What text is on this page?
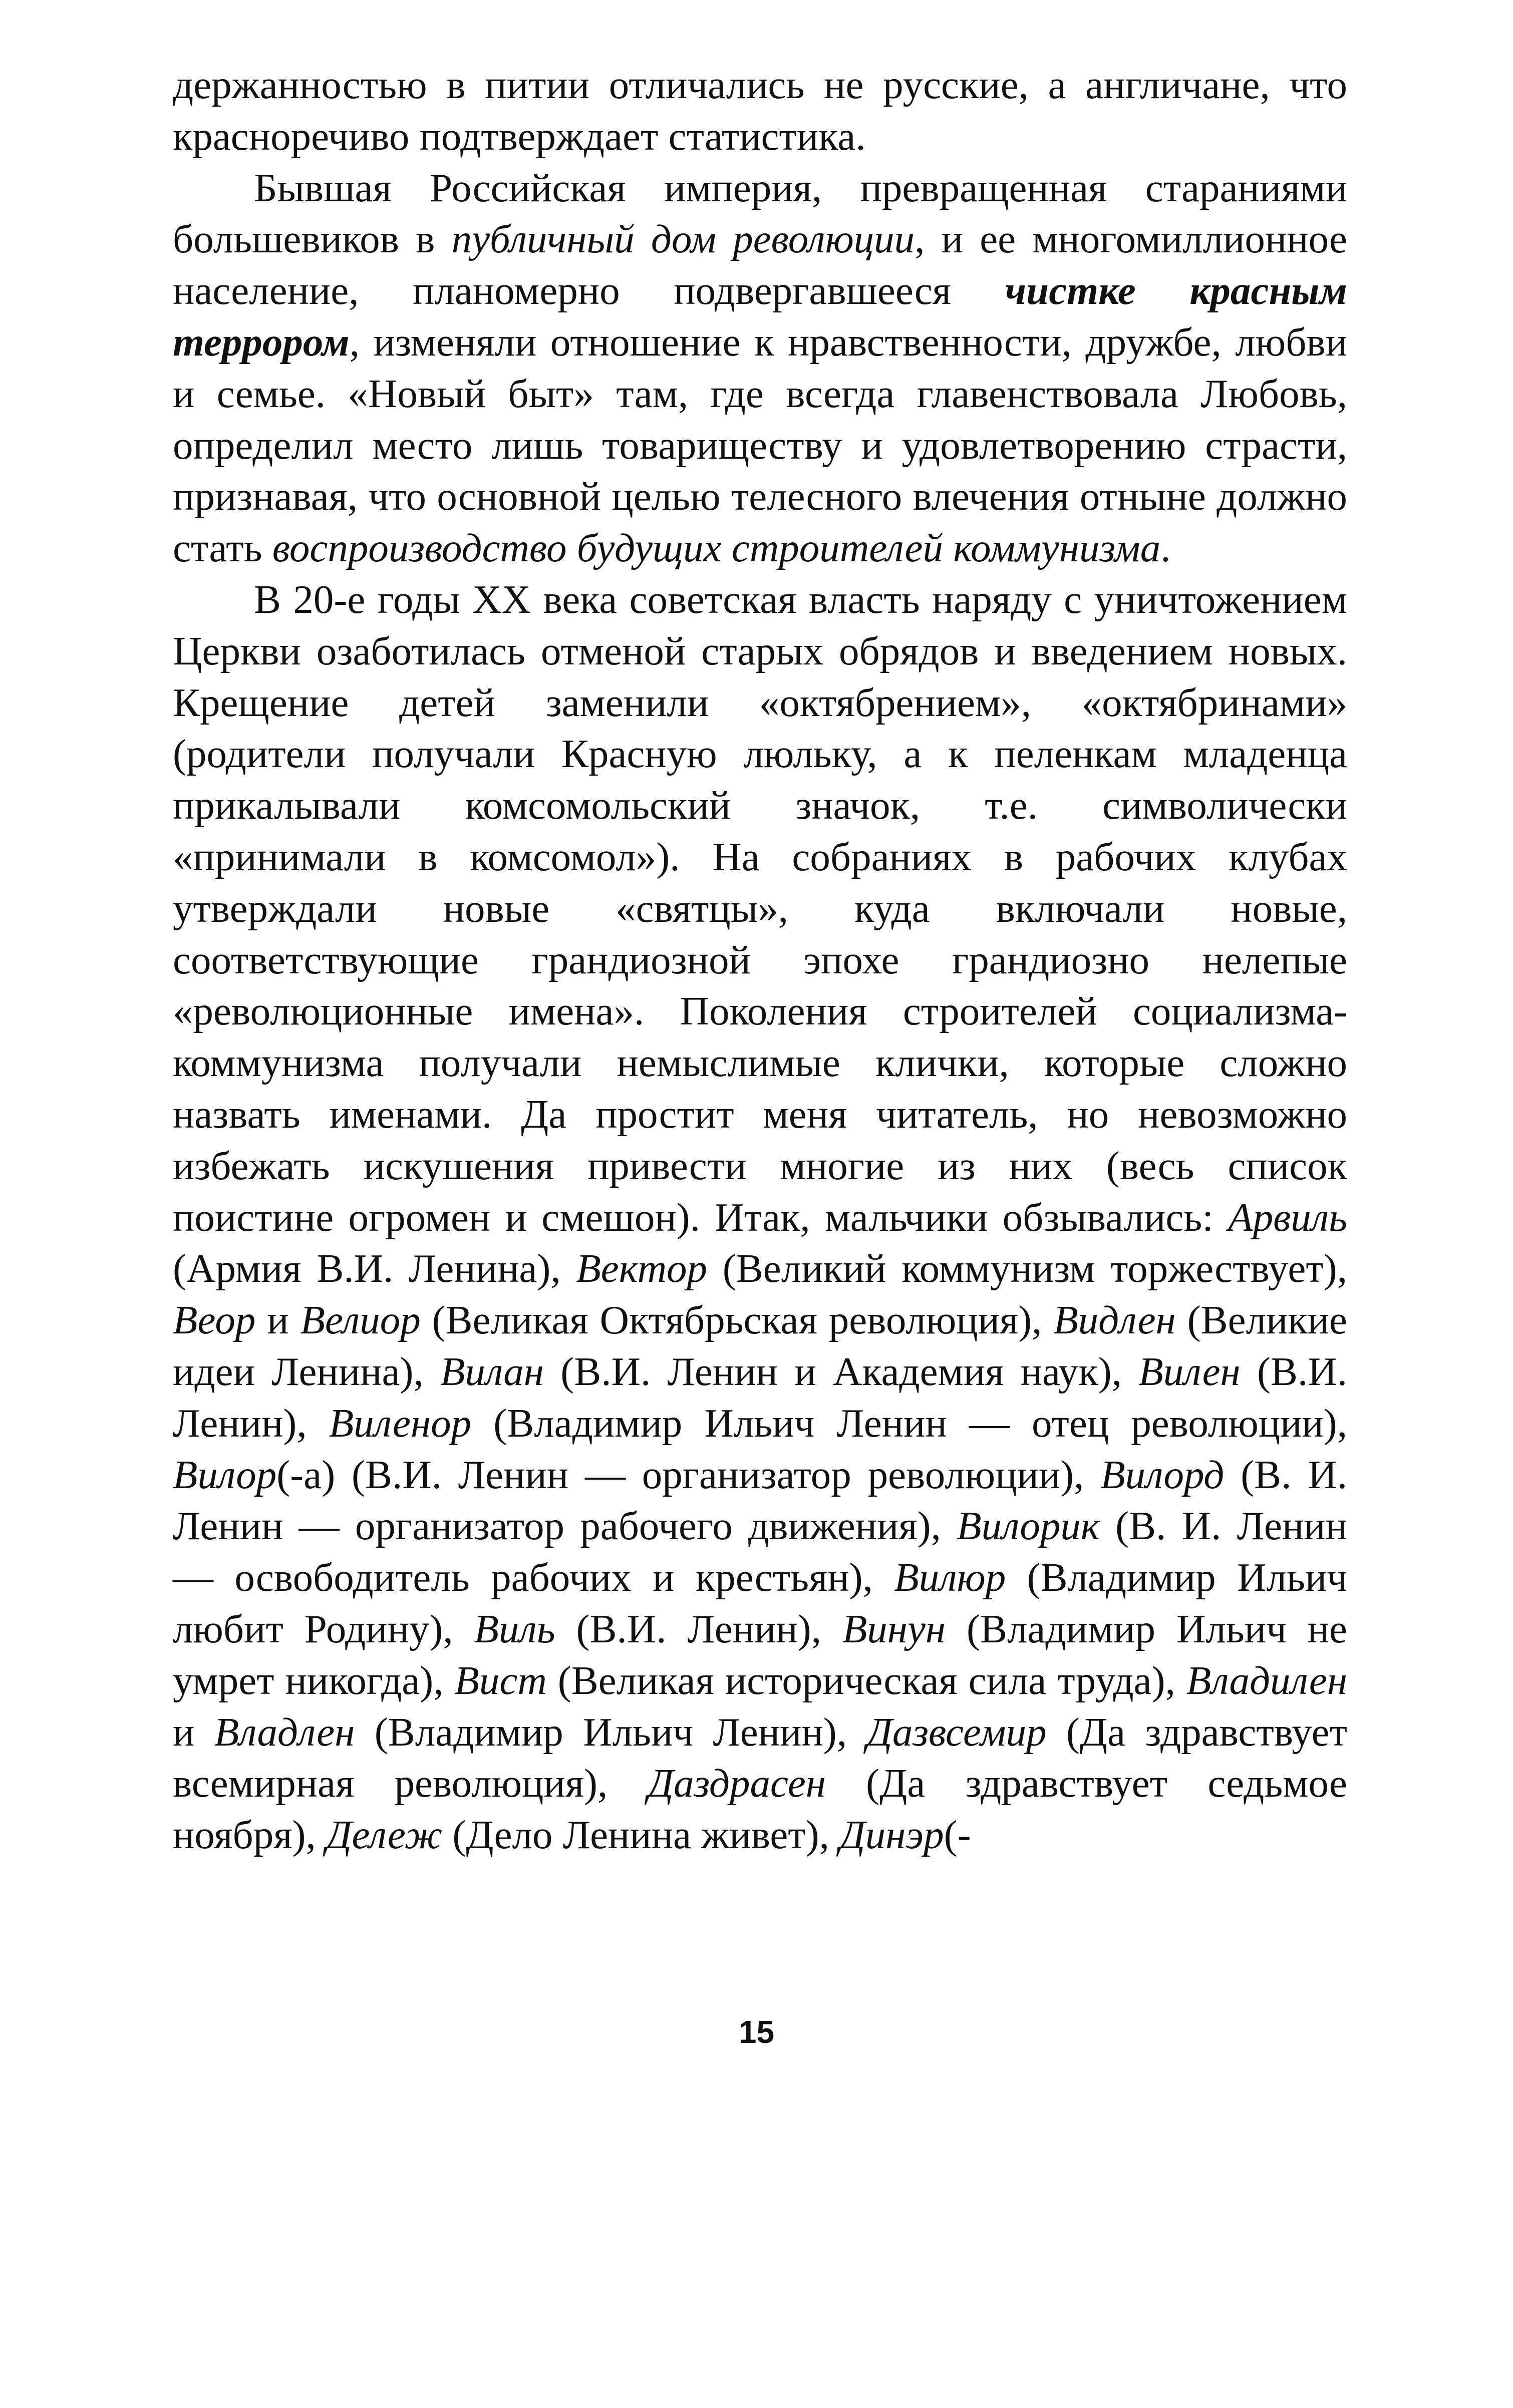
держанностью в питии отличались не русские, а англичане, что красноречиво подтверждает статистика.

Бывшая Российская империя, превращенная стараниями большевиков в публичный дом революции, и ее многомиллионное население, планомерно подвергавшееся чистке красным террором, изменяли отношение к нравственности, дружбе, любви и семье. «Новый быт» там, где всегда главенствовала Любовь, определил место лишь товариществу и удовлетворению страсти, признавая, что основной целью телесного влечения отныне должно стать воспроизводство будущих строителей коммунизма.

В 20-е годы ХХ века советская власть наряду с уничтожением Церкви озаботилась отменой старых обрядов и введением новых. Крещение детей заменили «октябрением», «октябринами» (родители получали Красную люльку, а к пеленкам младенца прикалывали комсомольский значок, т.е. символически «принимали в комсомол»). На собраниях в рабочих клубах утверждали новые «святцы», куда включали новые, соответствующие грандиозной эпохе грандиозно нелепые «революционные имена». Поколения строителей социализма-коммунизма получали немыслимые клички, которые сложно назвать именами. Да простит меня читатель, но невозможно избежать искушения привести многие из них (весь список поистине огромен и смешон). Итак, мальчики обзывались: Арвиль (Армия В.И. Ленина), Вектор (Великий коммунизм торжествует), Веор и Велиор (Великая Октябрьская революция), Видлен (Великие идеи Ленина), Вилан (В.И. Ленин и Академия наук), Вилен (В.И. Ленин), Виленор (Владимир Ильич Ленин — отец революции), Вилор(-а) (В.И. Ленин — организатор революции), Вилорд (В. И. Ленин — организатор рабочего движения), Вилорик (В. И. Ленин — освободитель рабочих и крестьян), Вилюр (Владимир Ильич любит Родину), Виль (В.И. Ленин), Винун (Владимир Ильич не умрет никогда), Вист (Великая историческая сила труда), Владилен и Владлен (Владимир Ильич Ленин), Дазвсемир (Да здравствует всемирная революция), Даздрасен (Да здравствует седьмое ноября), Дележ (Дело Ленина живет), Динэр(-

15
